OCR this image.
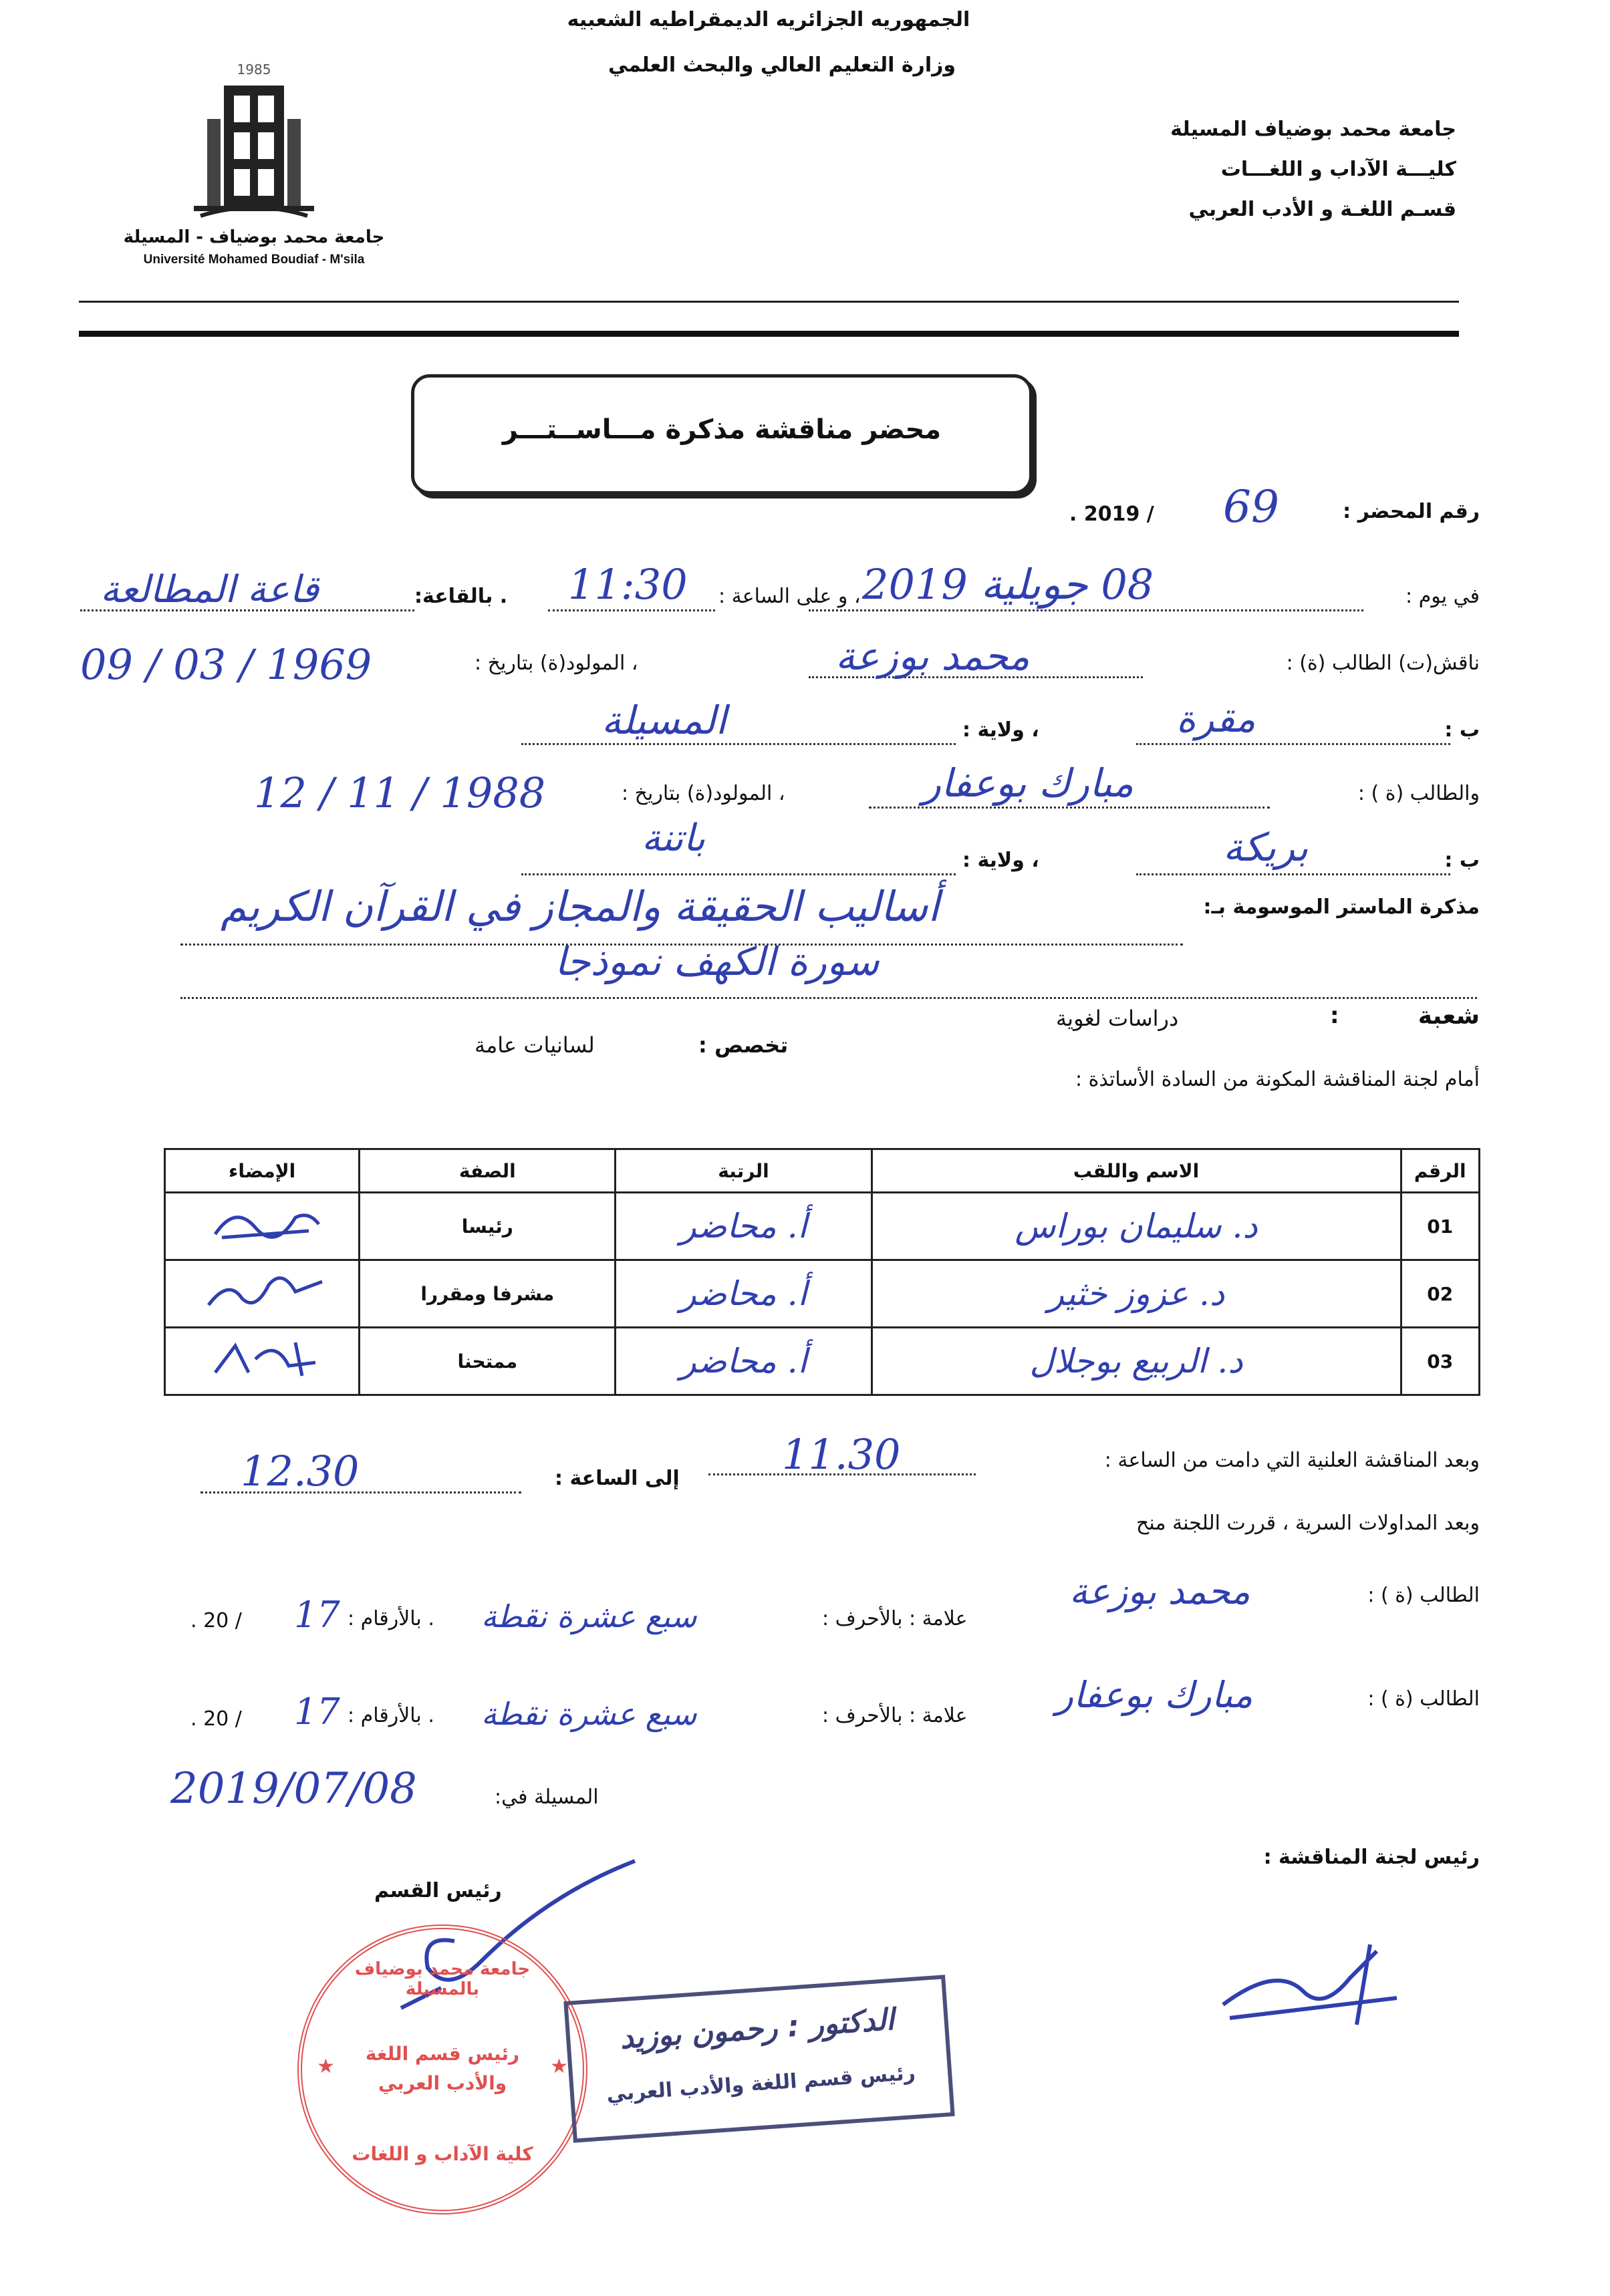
الجمهوريه الجزائريه الديمقراطيه الشعبيه
وزارة التعليم العالي والبحث العلمي
1985
جامعة محمد بوضياف - المسيلة
Université Mohamed Boudiaf - M'sila
جامعة محمد بوضياف المسيلة
كليـــة الآداب و اللغـــات
قسـم اللغـة و الأدب العربي
محضر مناقشة مذكرة مـــاســتـــر
رقم المحضر :
69
/ 2019 .
في يوم :
08 جويلية 2019
، و على الساعة :
11:30
. بالقاعة:
قاعة المطالعة
ناقش(ت) الطالب (ة) :
محمد بوزعة
، المولود(ة) بتاريخ :
1969 / 03 / 09
ب :
مقرة
، ولاية :
المسيلة
والطالب (ة ) :
مبارك بوعفار
، المولود(ة) بتاريخ :
1988 / 11 / 12
ب :
بريكة
، ولاية :
باتنة
مذكرة الماستر الموسومة بـ:
أساليب الحقيقة والمجاز في القرآن الكريم
سورة الكهف نموذجا
شعبة
:
دراسات لغوية
تخصص :
لسانيات عامة
أمام لجنة المناقشة المكونة من السادة الأساتذة :
الرقم	الاسم واللقب	الرتبة	الصفة	الإمضاء
01	د. سليمان بوراس	أ. محاضر	رئيسا	
02	د. عزوز خثير	أ. محاضر	مشرفا ومقررا	
03	د. الربيع بوجلال	أ. محاضر	ممتحنا	
وبعد المناقشة العلنية التي دامت من الساعة :
11.30
إلى الساعة :
12.30
وبعد المداولات السرية ، قررت اللجنة منح
الطالب (ة ) :
محمد بوزعة
علامة : بالأحرف :
سبع عشرة نقطة
. بالأرقام :
17
/ 20 .
الطالب (ة ) :
مبارك بوعفار
علامة : بالأحرف :
سبع عشرة نقطة
. بالأرقام :
17
/ 20 .
2019/07/08	المسيلة في:
رئيس لجنة المناقشة :
رئيس القسم
جامعة محمد بوضياف بالمسيلة
رئيس قسم اللغة والأدب العربي
كلية الآداب و اللغات
★	★
الدكتور : رحمون بوزيد
رئيس قسم اللغة والأدب العربي
